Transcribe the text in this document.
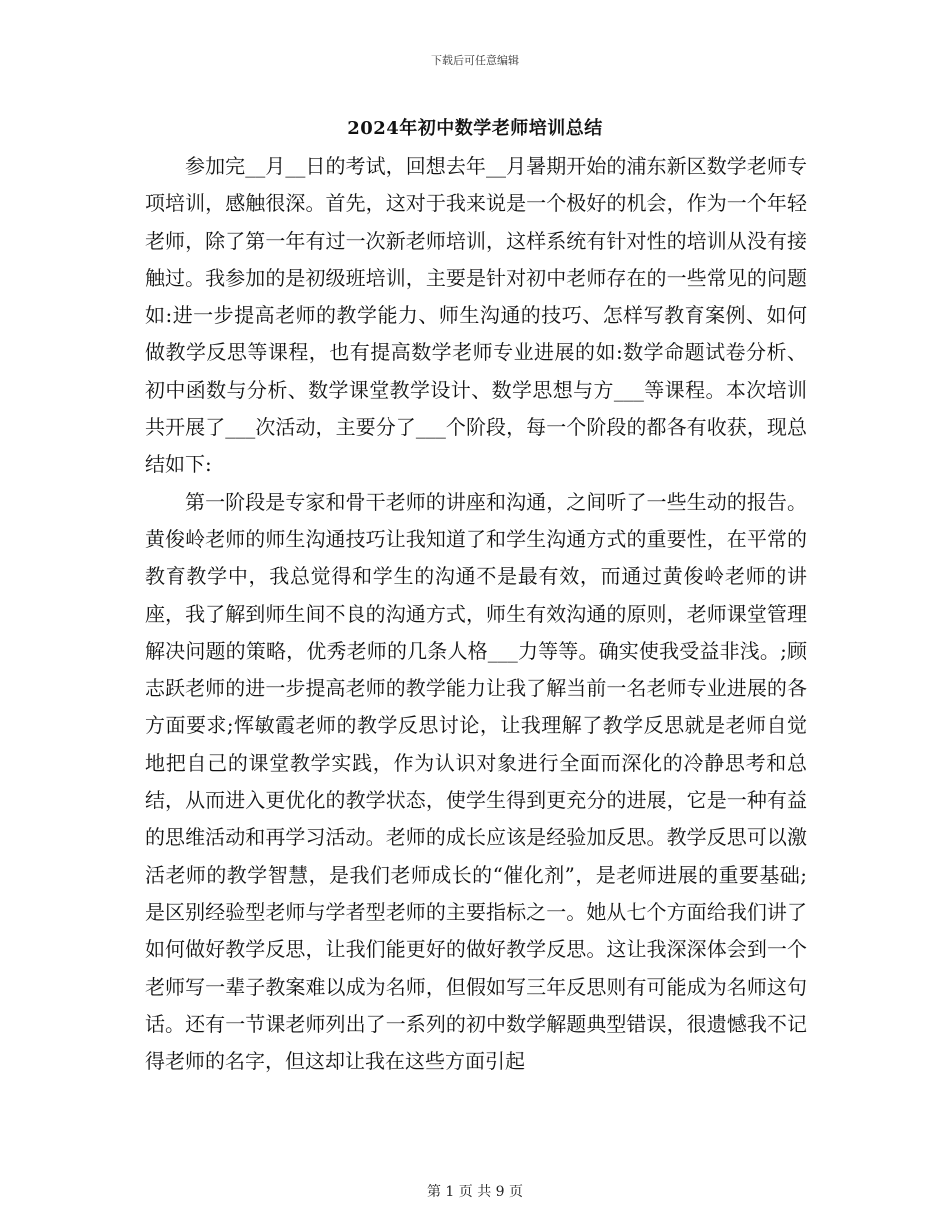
下载后可任意编辑
2024年初中数学老师培训总结

参加完__月__日的考试，回想去年__月暑期开始的浦东新区数学老师专项培训，感触很深。首先，这对于我来说是一个极好的机会，作为一个年轻老师，除了第一年有过一次新老师培训，这样系统有针对性的培训从没有接触过。我参加的是初级班培训，主要是针对初中老师存在的一些常见的问题如:进一步提高老师的教学能力、师生沟通的技巧、怎样写教育案例、如何做教学反思等课程，也有提高数学老师专业进展的如:数学命题试卷分析、初中函数与分析、数学课堂教学设计、数学思想与方___等课程。本次培训共开展了___次活动，主要分了___个阶段，每一个阶段的都各有收获，现总结如下:

第一阶段是专家和骨干老师的讲座和沟通，之间听了一些生动的报告。黄俊岭老师的师生沟通技巧让我知道了和学生沟通方式的重要性，在平常的教育教学中，我总觉得和学生的沟通不是最有效，而通过黄俊岭老师的讲座，我了解到师生间不良的沟通方式，师生有效沟通的原则，老师课堂管理解决问题的策略，优秀老师的几条人格___力等等。确实使我受益非浅。;顾志跃老师的进一步提高老师的教学能力让我了解当前一名老师专业进展的各方面要求;恽敏霞老师的教学反思讨论，让我理解了教学反思就是老师自觉地把自己的课堂教学实践，作为认识对象进行全面而深化的冷静思考和总结，从而进入更优化的教学状态，使学生得到更充分的进展，它是一种有益的思维活动和再学习活动。老师的成长应该是经验加反思。教学反思可以激活老师的教学智慧，是我们老师成长的“催化剂”，是老师进展的重要基础;是区别经验型老师与学者型老师的主要指标之一。她从七个方面给我们讲了如何做好教学反思，让我们能更好的做好教学反思。这让我深深体会到一个老师写一辈子教案难以成为名师，但假如写三年反思则有可能成为名师这句话。还有一节课老师列出了一系列的初中数学解题典型错误，很遗憾我不记得老师的名字，但这却让我在这些方面引起

第 1 页 共 9 页
